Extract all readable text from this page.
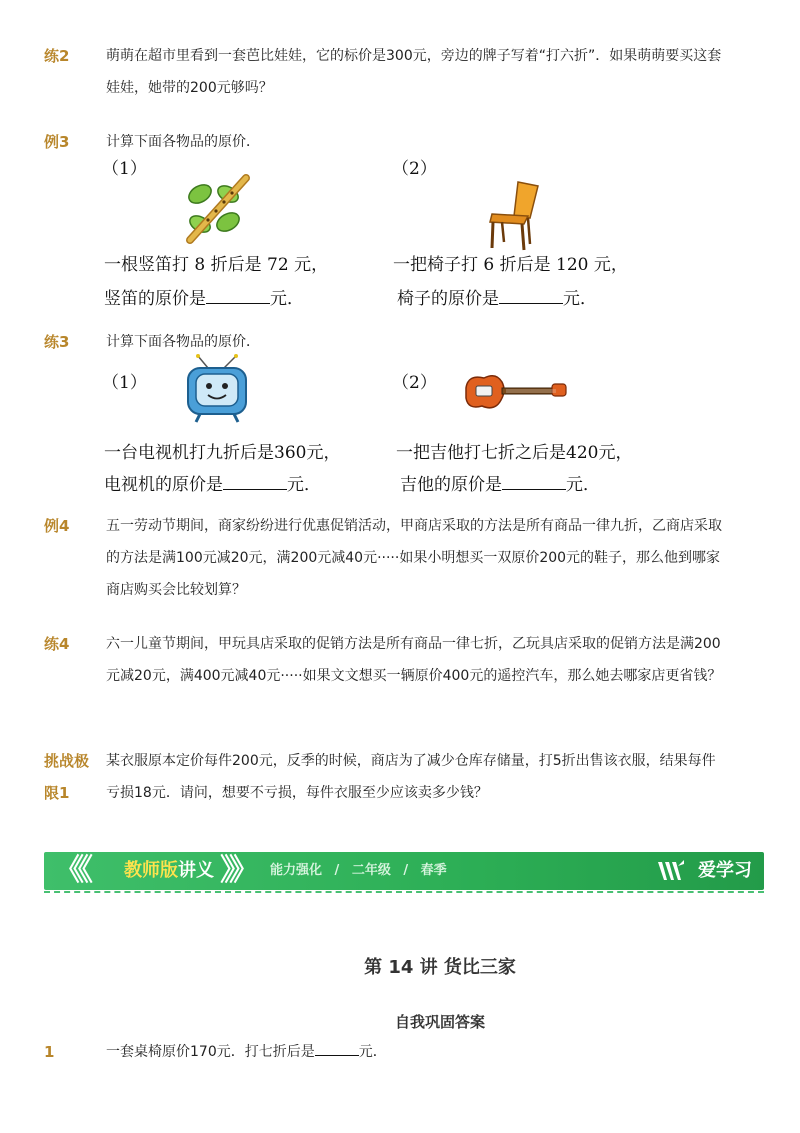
练2	萌萌在超市里看到一套芭比娃娃，它的标价是300元，旁边的牌子写着“打六折”．如果萌萌要买这套娃娃，她带的200元够吗？
例3	计算下面各物品的原价．
（1）	（2）
一根竖笛打 8 折后是 72 元，
竖笛的原价是	元．
一把椅子打 6 折后是 120 元，
椅子的原价是	元．
练3	计算下面各物品的原价．
（1）	（2）
一台电视机打九折后是360元，
电视机的原价是	元．
一把吉他打七折之后是420元，
吉他的原价是	元．
例4	五一劳动节期间，商家纷纷进行优惠促销活动，甲商店采取的方法是所有商品一律九折，乙商店采取的方法是满100元减20元，满200元减40元·····如果小明想买一双原价200元的鞋子，那么他到哪家商店购买会比较划算？
练4	六一儿童节期间，甲玩具店采取的促销方法是所有商品一律七折，乙玩具店采取的促销方法是满200元减20元，满400元减40元·····如果文文想买一辆原价400元的遥控汽车，那么她去哪家店更省钱？
挑战极
限1
某衣服原本定价每件200元，反季的时候，商店为了减少仓库存储量，打5折出售该衣服，结果每件亏损18元．请问，想要不亏损，每件衣服至少应该卖多少钱？
《《 教师版讲义 》》	能力强化 / 二年级 / 春季	爱学习
第 14 讲 货比三家
自我巩固答案
1	一套桌椅原价170元．打七折后是	元．
